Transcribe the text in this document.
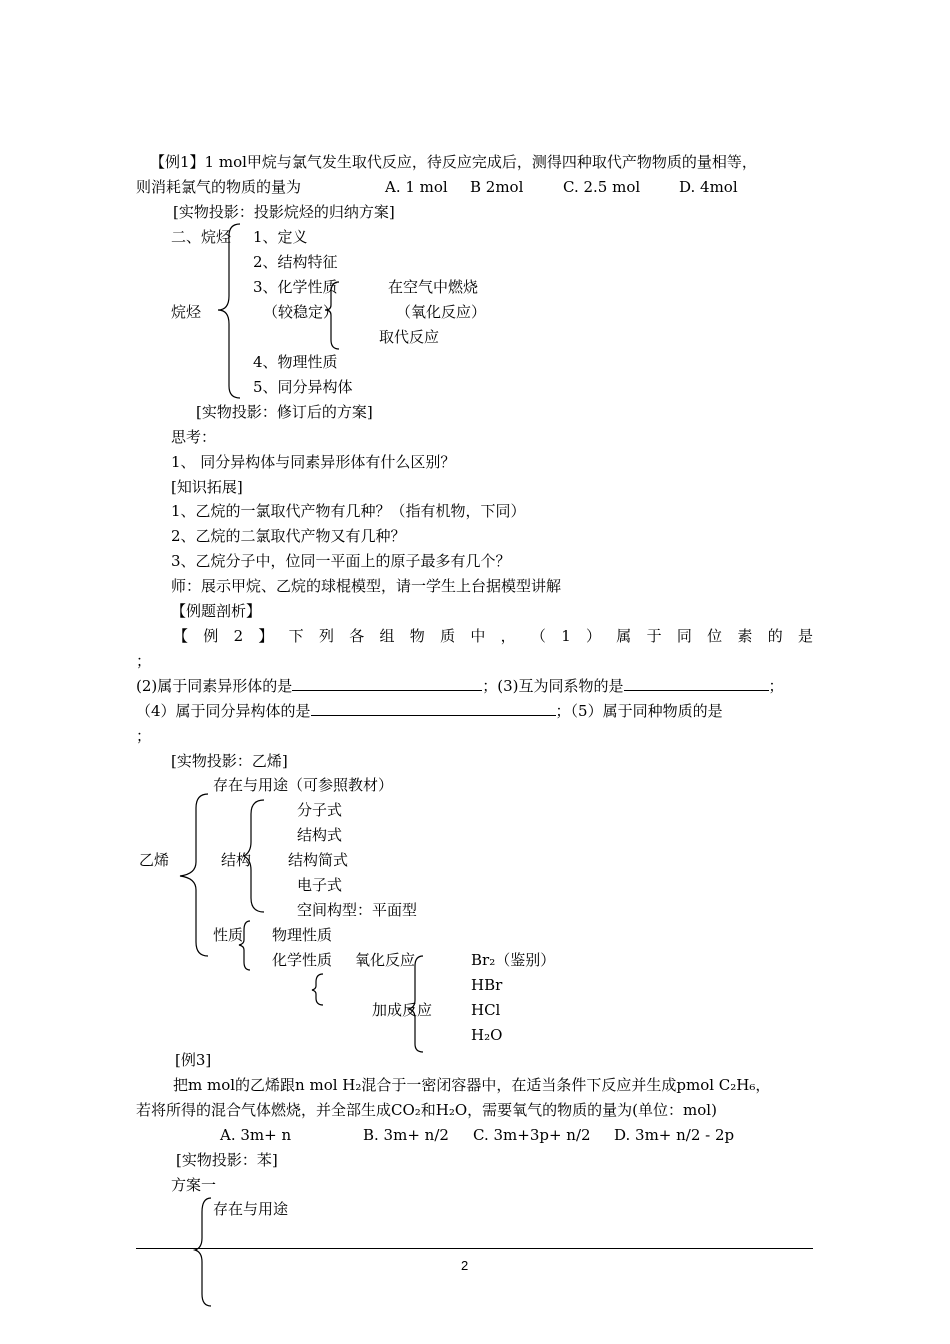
【例1】1 mol甲烷与氯气发生取代反应，待反应完成后，测得四种取代产物物质的量相等，
则消耗氯气的物质的量为	A. 1 mol B 2mol	C. 2.5 mol	D. 4mol
[实物投影：投影烷烃的归纳方案]
二、烷烃
烷烃
1、定义
2、结构特征
3、化学性质
（较稳定）
在空气中燃烧
（氧化反应）
取代反应
4、物理性质
5、同分异构体
[实物投影：修订后的方案]
思考：
1、 同分异构体与同素异形体有什么区别？
[知识拓展]
1、乙烷的一氯取代产物有几种？（指有机物，下同）
2、乙烷的二氯取代产物又有几种？
3、乙烷分子中，位同一平面上的原子最多有几个？
师：展示甲烷、乙烷的球棍模型，请一学生上台据模型讲解
【例题剖析】
【 例 2 】 下 列 各 组 物 质 中 ， （ 1 ） 属 于 同 位 素 的 是
；
(2)属于同素异形体的是	；(3)互为同系物的是	；
（4）属于同分异构体的是	；（5）属于同种物质的是
；
[实物投影：乙烯]
存在与用途（可参照教材）
乙烯	结构
分子式
结构式
结构简式
电子式
空间构型：平面型
性质 物理性质
化学性质 氧化反应
加成反应
Br₂（鉴别）
HBr
HCl
H₂O
[例3]
把m mol的乙烯跟n mol H₂混合于一密闭容器中，在适当条件下反应并生成pmol C₂H₆，
若将所得的混合气体燃烧，并全部生成CO₂和H₂O，需要氧气的物质的量为(单位：mol)
A. 3m+ n	B. 3m+ n/2 C. 3m+3p+ n/2 D. 3m+ n/2 - 2p
[实物投影：苯]
方案一
存在与用途
2
